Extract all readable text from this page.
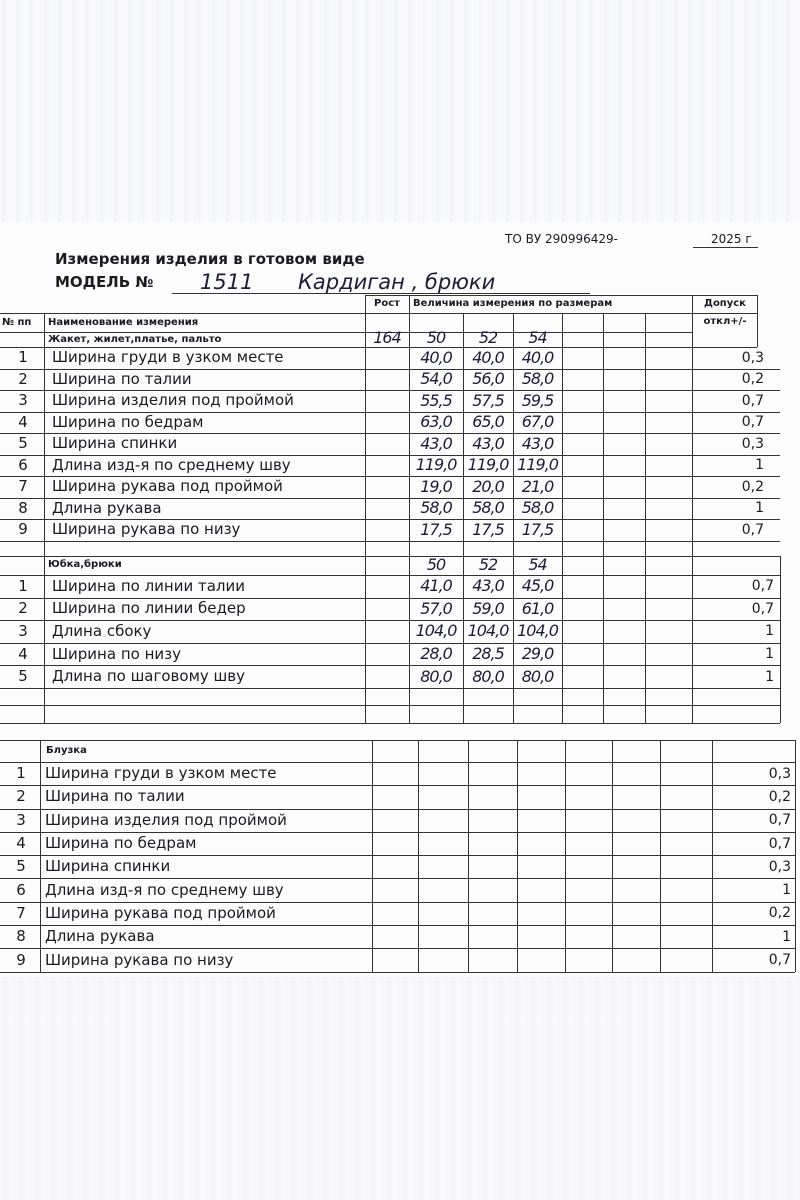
ТО ВУ 290996429-	2025 г
Измерения изделия в готовом виде
МОДЕЛЬ № 1511 Кардиган , брюки
№ пп	Наименование измерения
Рост	Величина измерения по размерам	Допуск
откл+/-
Жакет, жилет,платье, пальто	164	50	52	54
1	Ширина груди в узком месте	40,0	40,0	40,0	0,3
2	Ширина по талии	54,0	56,0	58,0	0,2
3	Ширина изделия под проймой	55,5	57,5	59,5	0,7
4	Ширина по бедрам	63,0	65,0	67,0	0,7
5	Ширина спинки	43,0	43,0	43,0	0,3
6	Длина изд-я по среднему шву	119,0 119,0 119,0	1
7	Ширина рукава под проймой	19,0	20,0	21,0	0,2
8	Длина рукава	58,0	58,0	58,0	1
9	Ширина рукава по низу	17,5	17,5	17,5	0,7
Юбка,брюки	50	52	54
1	Ширина по линии талии	41,0	43,0	45,0	0,7
2	Ширина по линии бедер	57,0	59,0	61,0	0,7
3	Длина сбоку	104,0 104,0 104,0	1
4	Ширина по низу	28,0	28,5	29,0	1
5	Длина по шаговому шву	80,0	80,0	80,0	1
Блузка
1	Ширина груди в узком месте	0,3
2	Ширина по талии	0,2
3	Ширина изделия под проймой	0,7
4	Ширина по бедрам	0,7
5	Ширина спинки	0,3
6	Длина изд-я по среднему шву	1
7	Ширина рукава под проймой	0,2
8	Длина рукава	1
9	Ширина рукава по низу	0,7
